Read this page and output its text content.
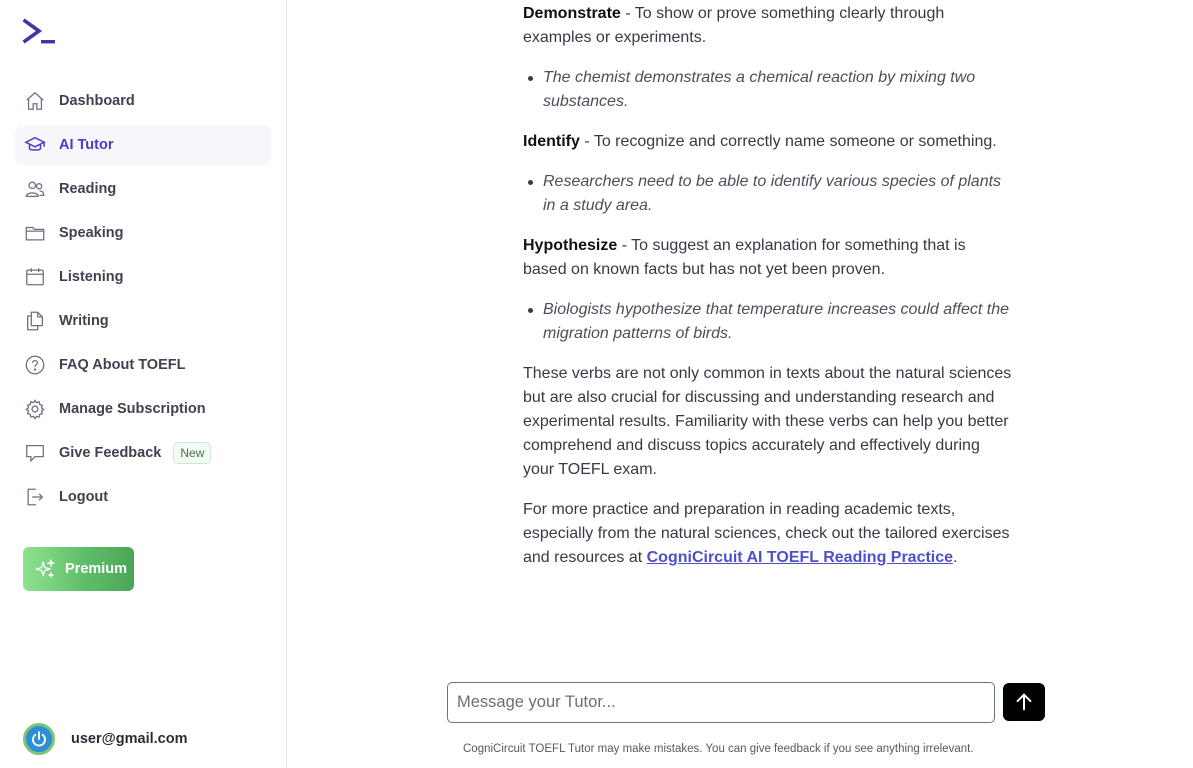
Dashboard
AI Tutor
Reading
Speaking
Listening
Writing
FAQ About TOEFL
Manage Subscription
Give Feedback	New
Logout
Premium
user@gmail.com

Demonstrate - To show or prove something clearly through examples or experiments.

The chemist demonstrates a chemical reaction by mixing two substances.

Identify - To recognize and correctly name someone or something.

Researchers need to be able to identify various species of plants in a study area.

Hypothesize - To suggest an explanation for something that is based on known facts but has not yet been proven.

Biologists hypothesize that temperature increases could affect the migration patterns of birds.

These verbs are not only common in texts about the natural sciences but are also crucial for discussing and understanding research and experimental results. Familiarity with these verbs can help you better comprehend and discuss topics accurately and effectively during your TOEFL exam.

For more practice and preparation in reading academic texts, especially from the natural sciences, check out the tailored exercises and resources at CogniCircuit AI TOEFL Reading Practice.

Message your Tutor...
CogniCircuit TOEFL Tutor may make mistakes. You can give feedback if you see anything irrelevant.
